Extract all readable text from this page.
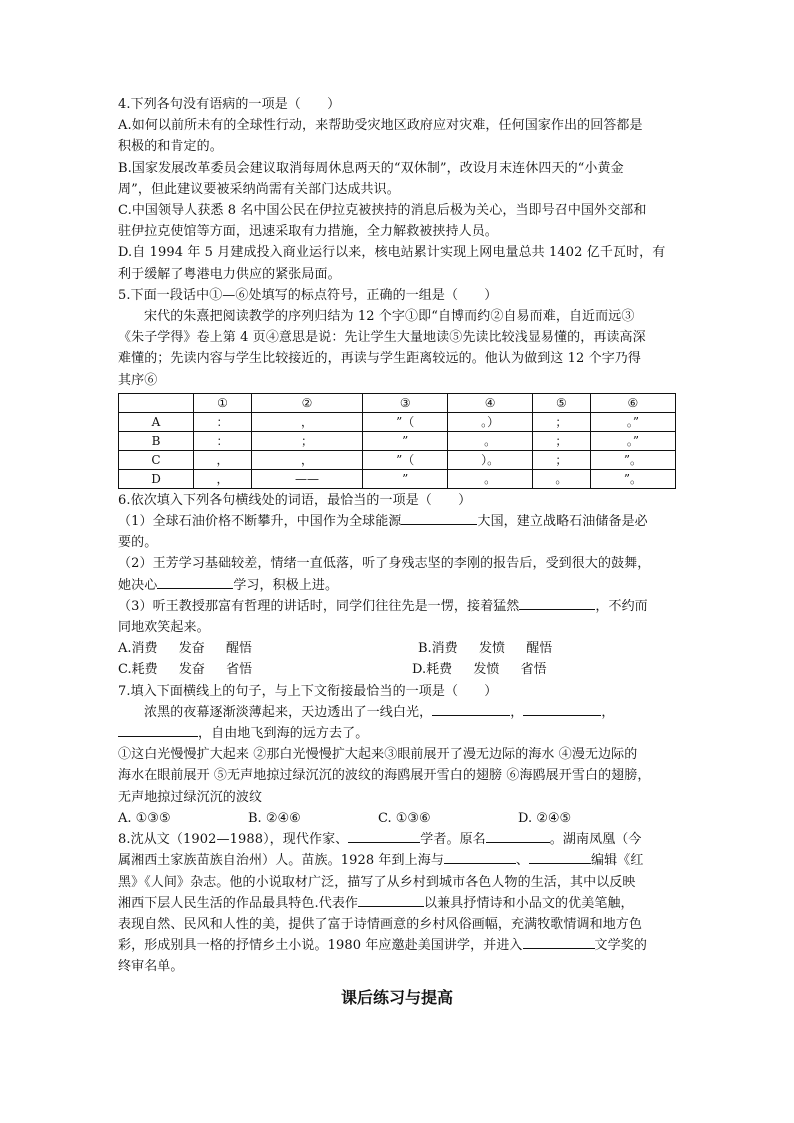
4.下列各句没有语病的一项是（　　）
A.如何以前所未有的全球性行动，来帮助受灾地区政府应对灾难，任何国家作出的回答都是
积极的和肯定的。
B.国家发展改革委员会建议取消每周休息两天的“双休制”，改设月末连休四天的“小黄金
周”，但此建议要被采纳尚需有关部门达成共识。
C.中国领导人获悉 8 名中国公民在伊拉克被挟持的消息后极为关心，当即号召中国外交部和
驻伊拉克使馆等方面，迅速采取有力措施，全力解救被挟持人员。
D.自 1994 年 5 月建成投入商业运行以来，核电站累计实现上网电量总共 1402 亿千瓦时，有
利于缓解了粤港电力供应的紧张局面。
5.下面一段话中①—⑥处填写的标点符号，正确的一组是（　　）
宋代的朱熹把阅读教学的序列归结为 12 个字①即“自博而约②自易而难，自近而远③
《朱子学得》卷上第 4 页④意思是说：先让学生大量地读⑤先读比较浅显易懂的，再读高深
难懂的；先读内容与学生比较接近的，再读与学生距离较远的。他认为做到这 12 个字乃得
其序⑥
	①	②	③	④	⑤	⑥
A	：	，	”（	。）	；	。”
B	：	；	”	。	；	。”
C	，	，	”（	）。	；	”。
D	，	——	”	。	。	”。
6.依次填入下列各句横线处的词语，最恰当的一项是（　　）
（1）全球石油价格不断攀升，中国作为全球能源	大国，建立战略石油储备是必
要的。
（2）王芳学习基础较差，情绪一直低落，听了身残志坚的李刚的报告后，受到很大的鼓舞，
她决心	学习，积极上进。
（3）听王教授那富有哲理的讲话时，同学们往往先是一愣，接着猛然	，不约而
同地欢笑起来。
A.消费　  发奋　  醒悟	B.消费　  发愤　  醒悟
C.耗费　  发奋　  省悟	D.耗费　  发愤　  省悟
7.填入下面横线上的句子，与上下文衔接最恰当的一项是（　　）
浓黑的夜幕逐渐淡薄起来，天边透出了一线白光，	，	，
，自由地飞到海的远方去了。
①这白光慢慢扩大起来 ②那白光慢慢扩大起来③眼前展开了漫无边际的海水 ④漫无边际的
海水在眼前展开 ⑤无声地掠过绿沉沉的波纹的海鸥展开雪白的翅膀 ⑥海鸥展开雪白的翅膀，
无声地掠过绿沉沉的波纹
A. ①③⑤	B. ②④⑥	C. ①③⑥	D. ②④⑤
8.沈从文（1902—1988），现代作家、	学者。原名	。湖南凤凰（今
属湘西土家族苗族自治州）人。苗族。1928 年到上海与	、	编辑《红
黑》《人间》杂志。他的小说取材广泛，描写了从乡村到城市各色人物的生活，其中以反映
湘西下层人民生活的作品最具特色.代表作	以兼具抒情诗和小品文的优美笔触，
表现自然、民风和人性的美，提供了富于诗情画意的乡村风俗画幅，充满牧歌情调和地方色
彩，形成别具一格的抒情乡土小说。1980 年应邀赴美国讲学，并进入	文学奖的
终审名单。
课后练习与提高
